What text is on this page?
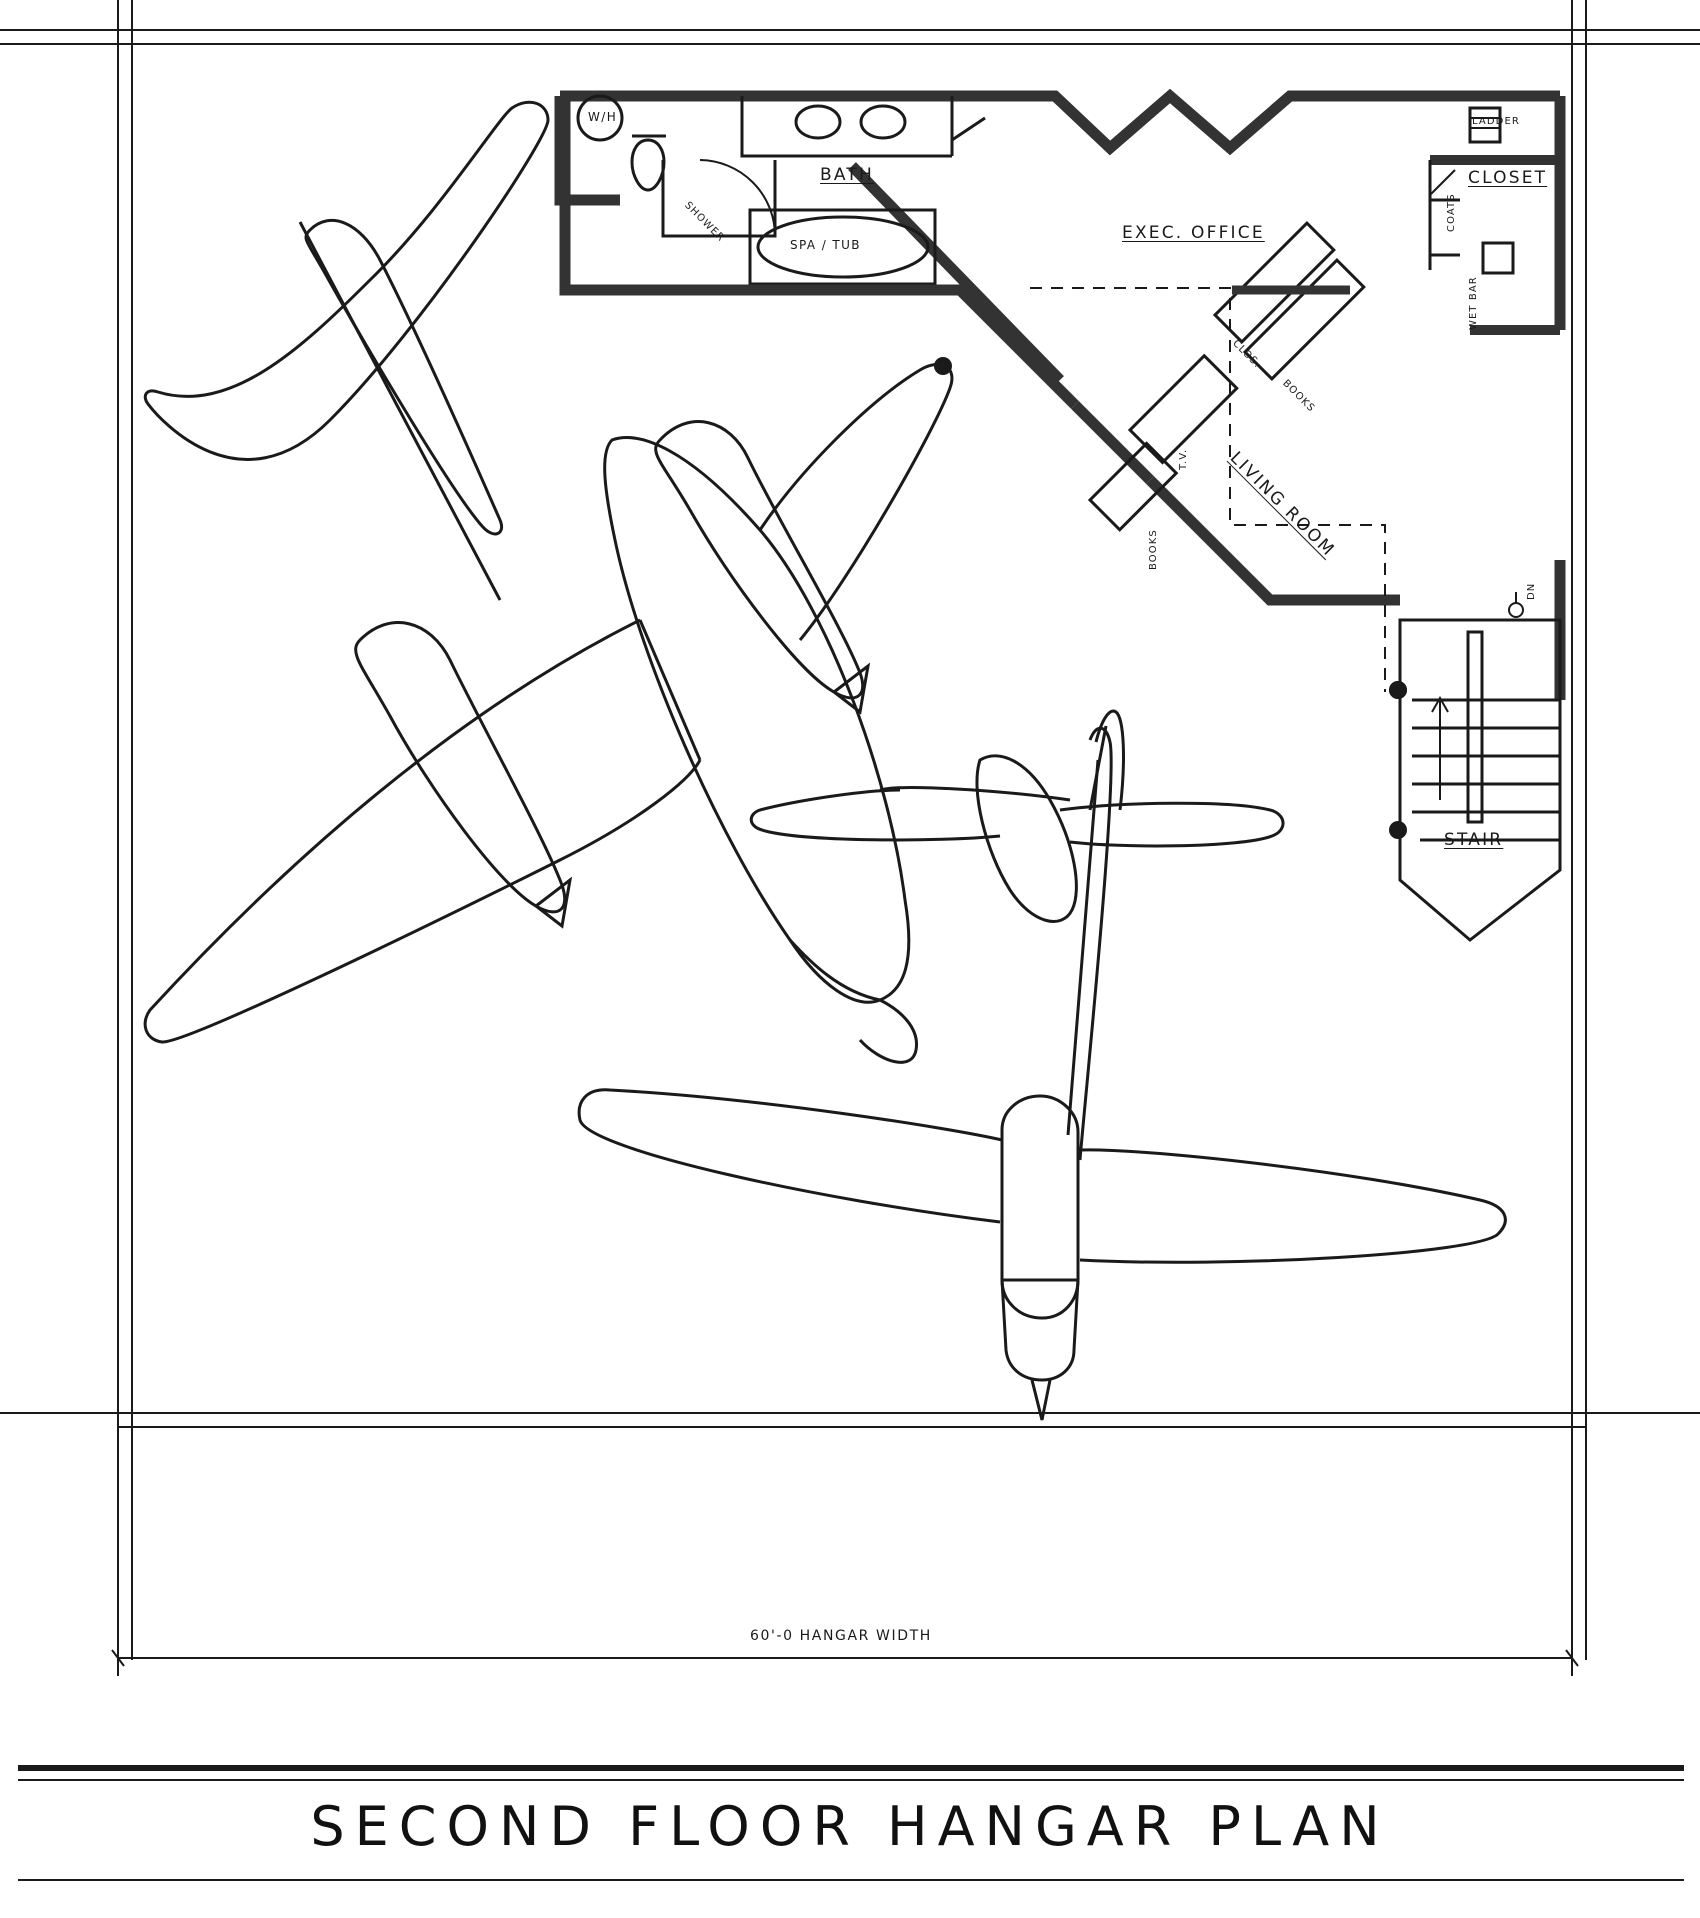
W/H
BATH
SHOWER
SPA / TUB
EXEC. OFFICE
LADDER
CLOSET
COATS
WET BAR
CLOS.
BOOKS
T.V.
BOOKS	LIVING ROOM
DN
STAIR
60'-0 HANGAR WIDTH
SECOND FLOOR HANGAR PLAN
